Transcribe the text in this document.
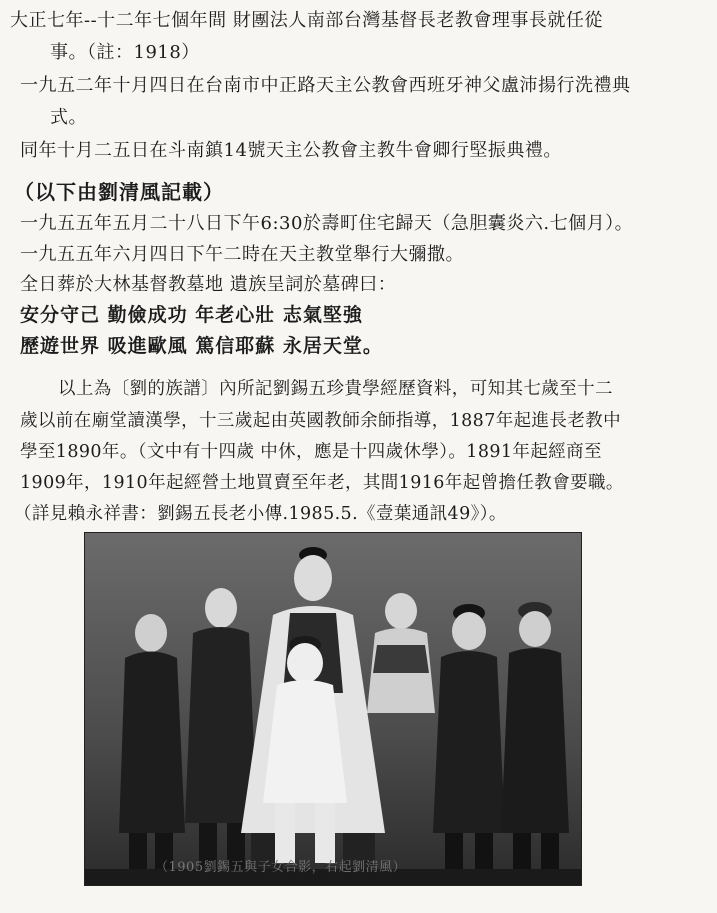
大正七年--十二年七個年間 財團法人南部台灣基督長老教會理事長就任從
事。（註：1918）
一九五二年十月四日在台南市中正路天主公教會西班牙神父盧沛揚行洗禮典
式。
同年十月二五日在斗南鎮14號天主公教會主教牛會卿行堅振典禮。
（以下由劉清風記載）
一九五五年五月二十八日下午6:30於壽町住宅歸天（急胆囊炎六.七個月）。
一九五五年六月四日下午二時在天主教堂舉行大彌撒。
全日葬於大林基督教墓地 遺族呈詞於墓碑曰：
安分守己 勤儉成功 年老心壯 志氣堅強
歷遊世界 吸進歐風 篤信耶蘇 永居天堂。
以上為〔劉的族譜〕內所記劉錫五珍貴學經歷資料，可知其七歲至十二
歲以前在廟堂讀漢學，十三歲起由英國教師余師指導，1887年起進長老教中
學至1890年。（文中有十四歲 中休，應是十四歲休學）。1891年起經商至
1909年，1910年起經營土地買賣至年老，其間1916年起曾擔任教會要職。
（詳見賴永祥書：劉錫五長老小傳.1985.5.《壹葉通訊49》）。
（1905劉錫五與子女合影，右起劉清風）
